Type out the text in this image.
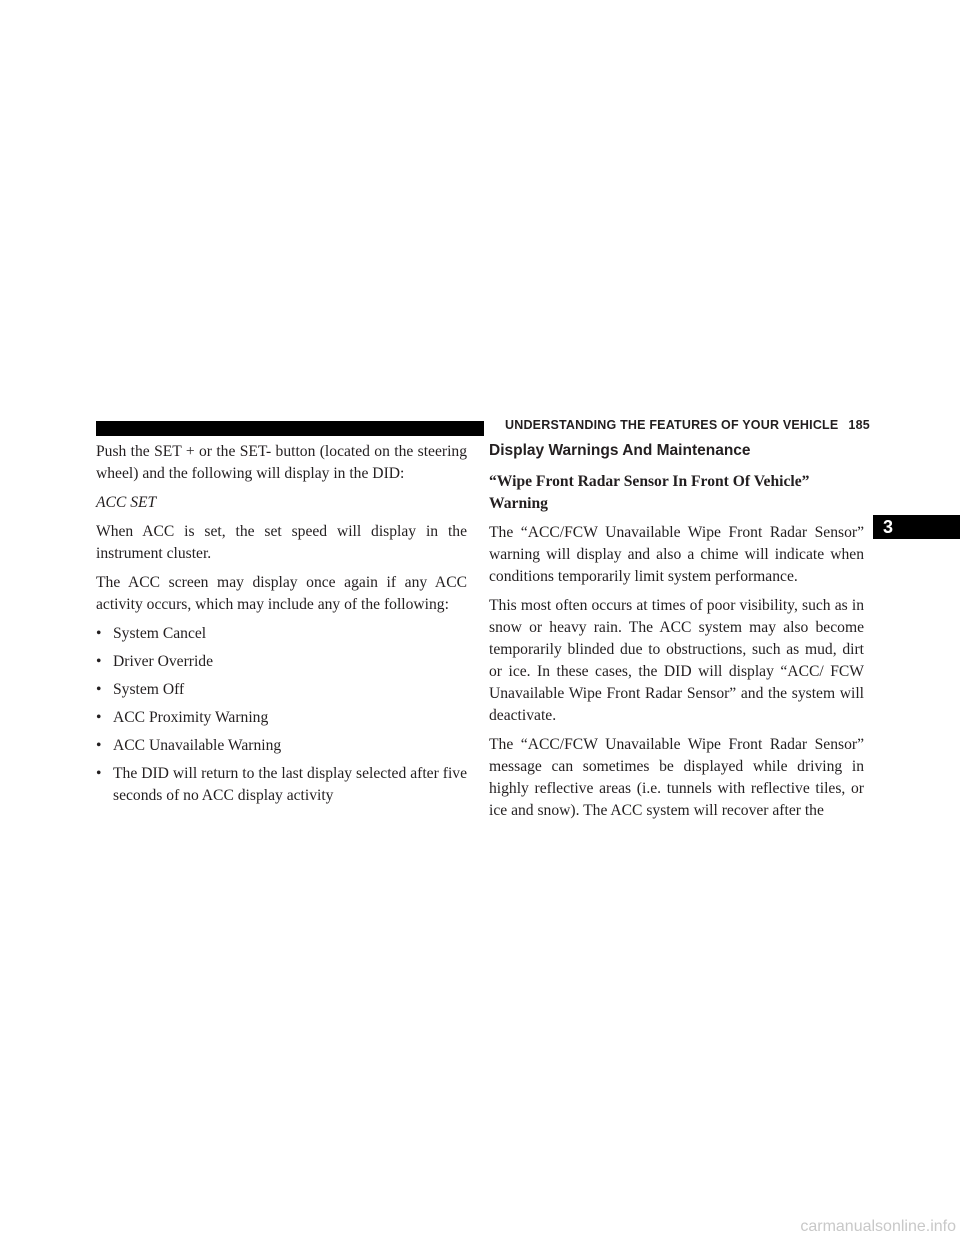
UNDERSTANDING THE FEATURES OF YOUR VEHICLE 185

Push the SET + or the SET- button (located on the steering wheel) and the following will display in the DID:

ACC SET

When ACC is set, the set speed will display in the instrument cluster.

The ACC screen may display once again if any ACC activity occurs, which may include any of the following:

• System Cancel
• Driver Override
• System Off
• ACC Proximity Warning
• ACC Unavailable Warning
• The DID will return to the last display selected after five seconds of no ACC display activity
Display Warnings And Maintenance
“Wipe Front Radar Sensor In Front Of Vehicle” Warning

The “ACC/FCW Unavailable Wipe Front Radar Sensor” warning will display and also a chime will indicate when conditions temporarily limit system performance.

This most often occurs at times of poor visibility, such as in snow or heavy rain. The ACC system may also become temporarily blinded due to obstructions, such as mud, dirt or ice. In these cases, the DID will display “ACC/ FCW Unavailable Wipe Front Radar Sensor” and the system will deactivate.

The “ACC/FCW Unavailable Wipe Front Radar Sensor” message can sometimes be displayed while driving in highly reflective areas (i.e. tunnels with reflective tiles, or ice and snow). The ACC system will recover after the

3
carmanualsonline.info
